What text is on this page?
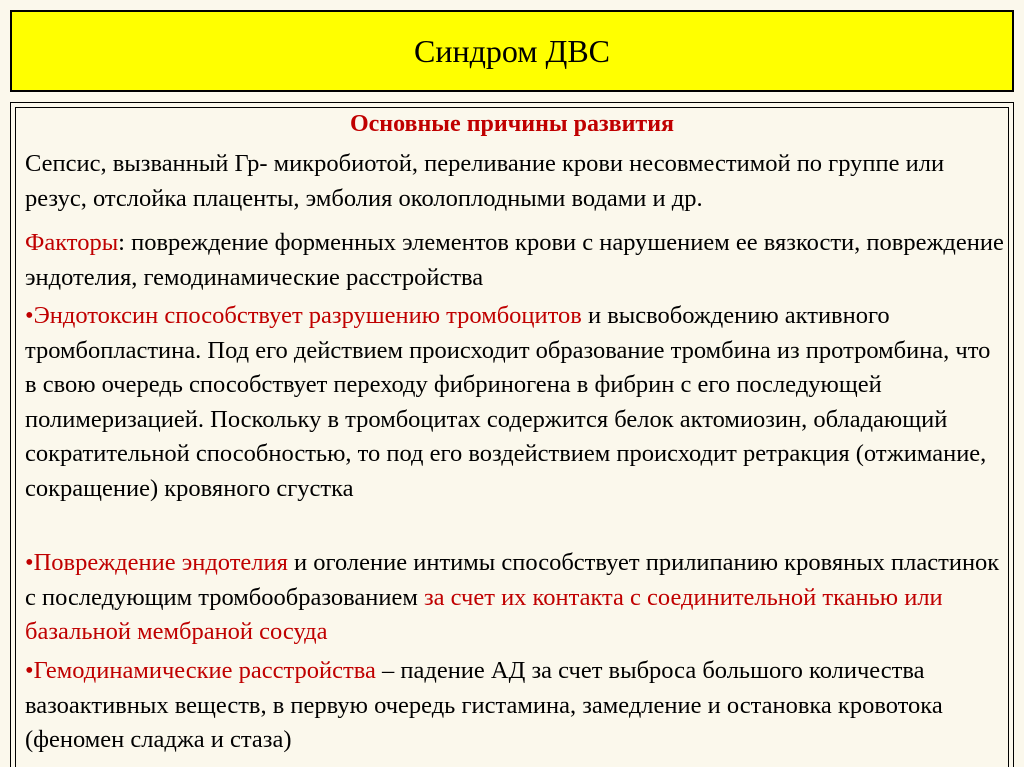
Синдром ДВС

Основные причины развития

Сепсис, вызванный Гр- микробиотой, переливание крови несовместимой по группе или резус, отслойка плаценты, эмболия околоплодными водами и др.

Факторы: повреждение форменных элементов крови с нарушением ее вязкости, повреждение эндотелия, гемодинамические расстройства

•Эндотоксин способствует разрушению тромбоцитов и высвобождению активного тромбопластина. Под его действием происходит образование тромбина из протромбина, что в свою очередь способствует переходу фибриногена в фибрин с его последующей полимеризацией. Поскольку в тромбоцитах содержится белок актомиозин, обладающий сократительной способностью, то под его воздействием происходит ретракция (отжимание, сокращение) кровяного сгустка

•Повреждение эндотелия и оголение интимы способствует прилипанию кровяных пластинок с последующим тромбообразованием за счет их контакта с соединительной тканью или базальной мембраной сосуда

•Гемодинамические расстройства – падение АД за счет выброса большого количества вазоактивных веществ, в первую очередь гистамина, замедление и остановка кровотока (феномен сладжа и стаза)
